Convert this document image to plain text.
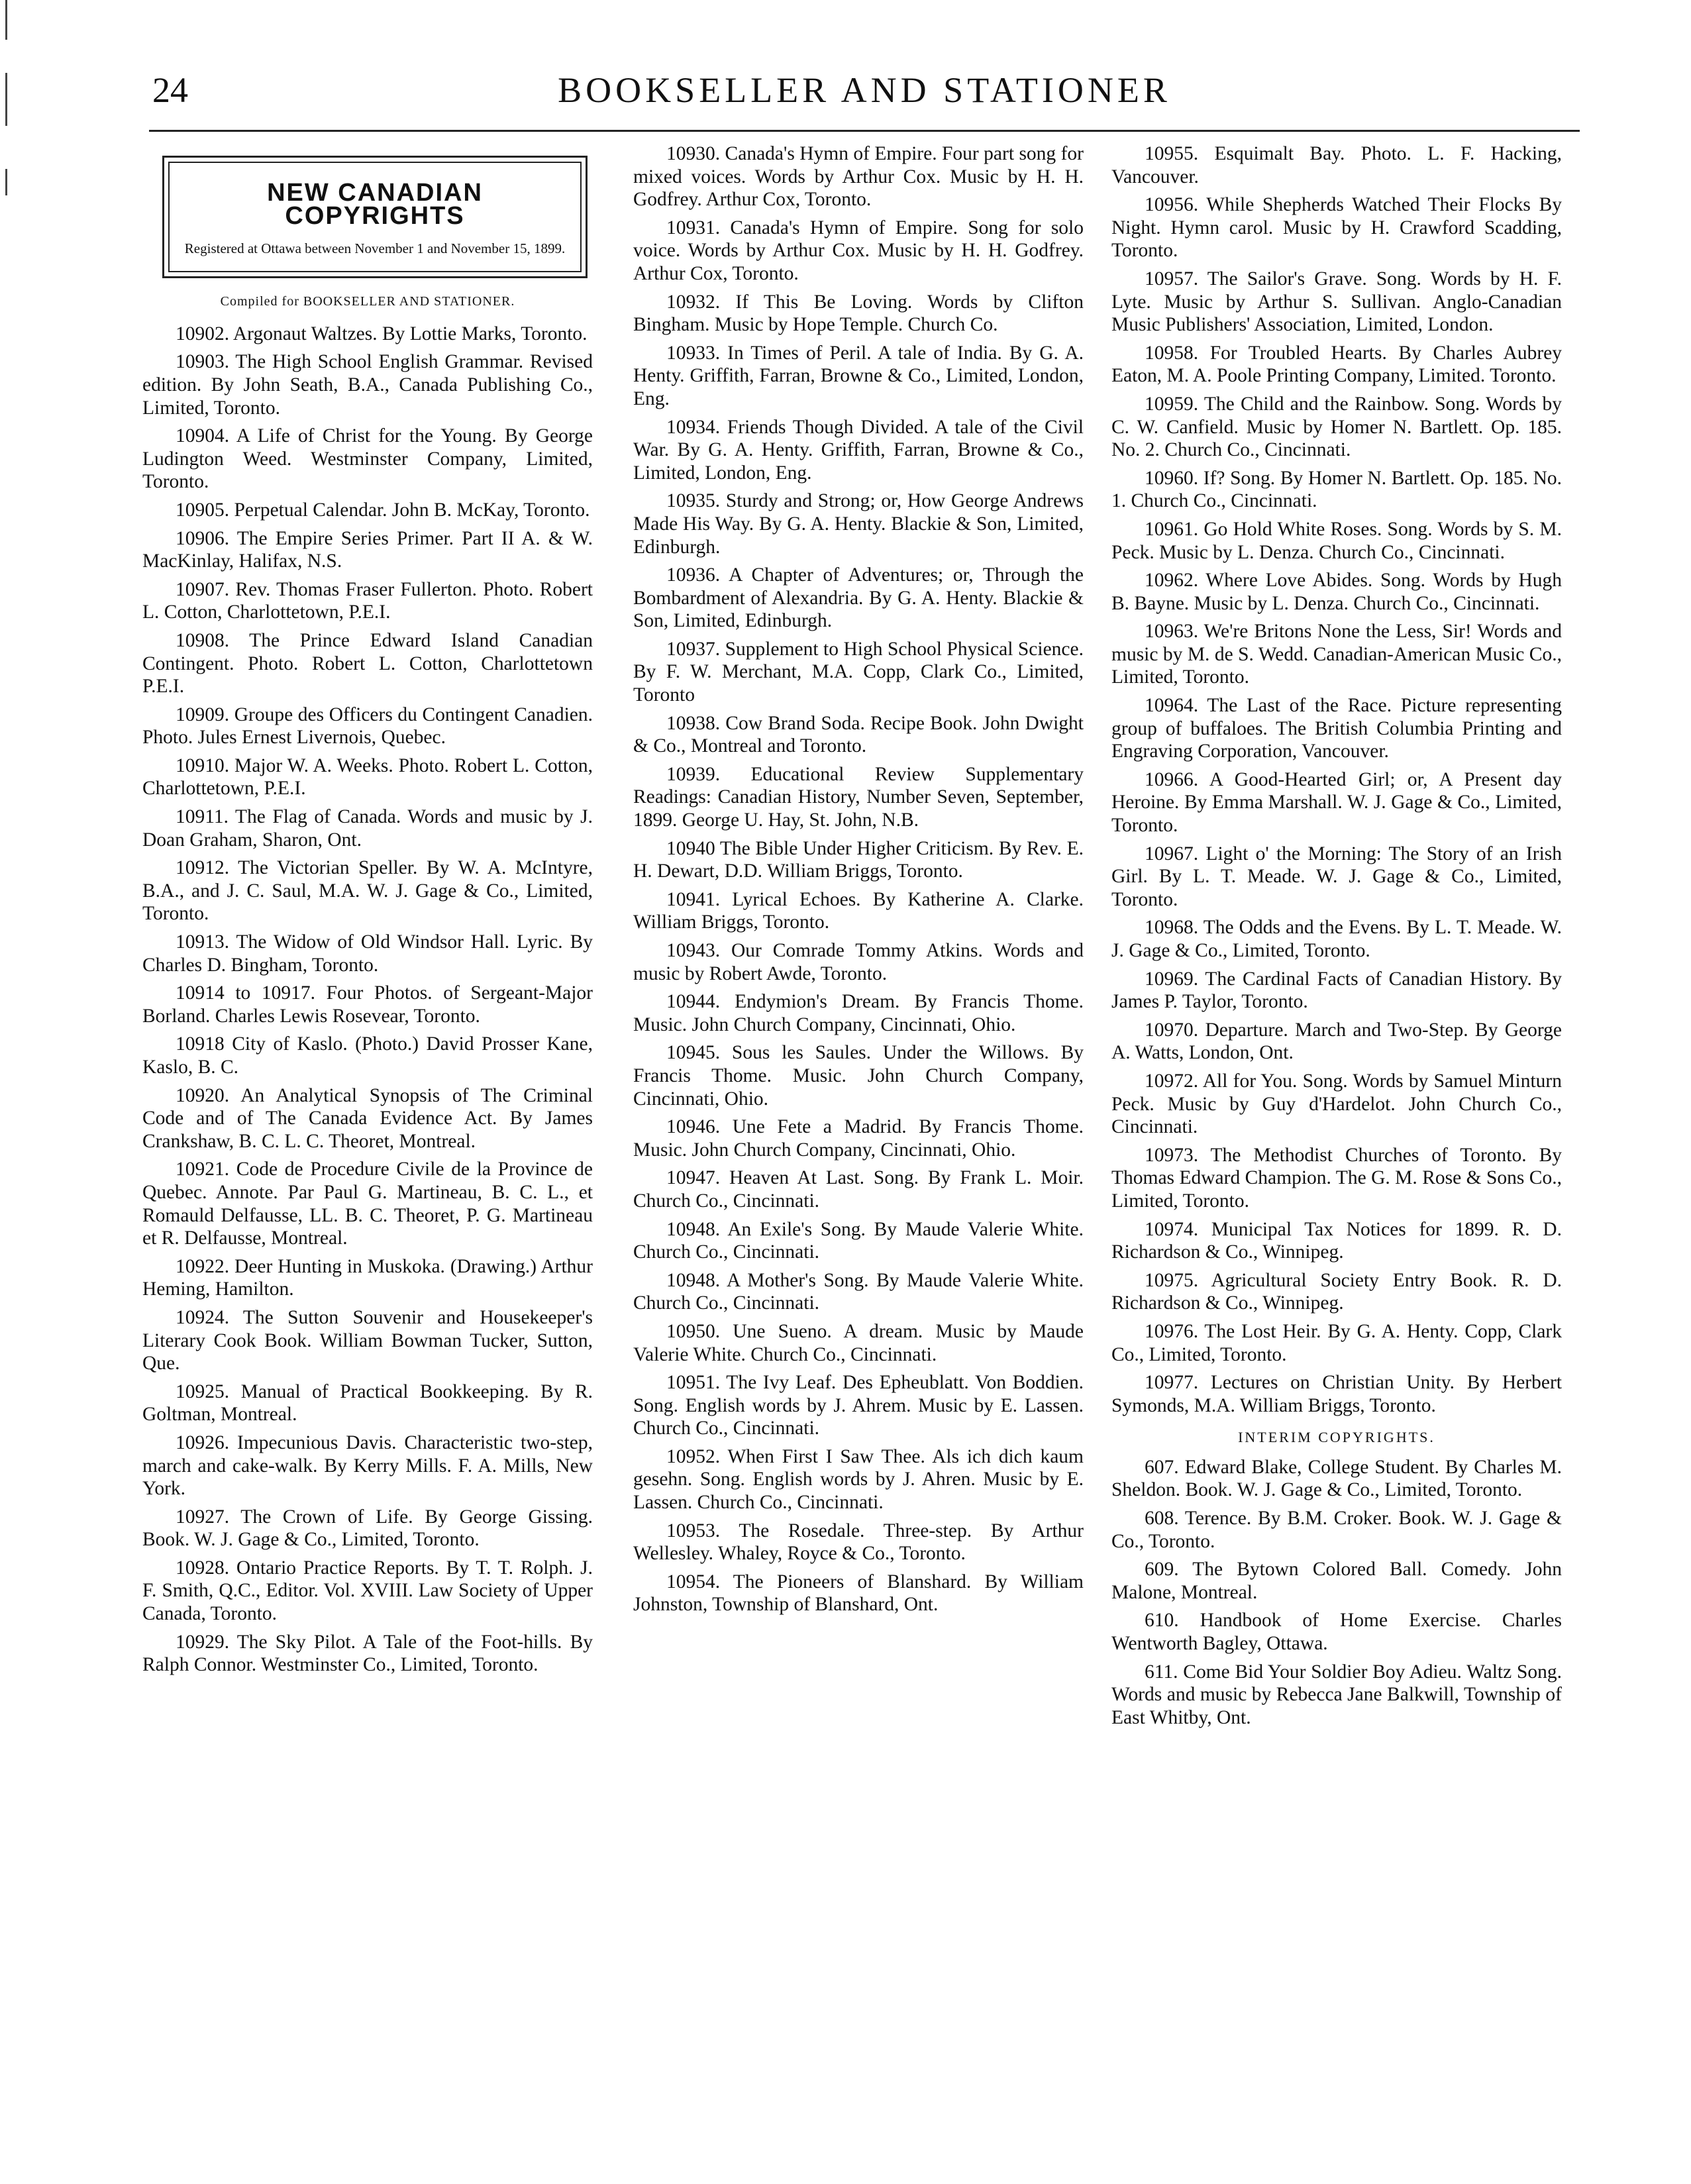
24	BOOKSELLER AND STATIONER
NEW CANADIAN COPYRIGHTS
Registered at Ottawa between November 1 and November 15, 1899.
Compiled for BOOKSELLER AND STATIONER.

10902. Argonaut Waltzes. By Lottie Marks, Toronto.

10903. The High School English Grammar. Revised edition. By John Seath, B.A., Canada Publishing Co., Limited, Toronto.

10904. A Life of Christ for the Young. By George Ludington Weed. Westminster Company, Limited, Toronto.

10905. Perpetual Calendar. John B. McKay, Toronto.

10906. The Empire Series Primer. Part II A. & W. MacKinlay, Halifax, N.S.

10907. Rev. Thomas Fraser Fullerton. Photo. Robert L. Cotton, Charlottetown, P.E.I.

10908. The Prince Edward Island Canadian Contingent. Photo. Robert L. Cotton, Charlottetown P.E.I.

10909. Groupe des Officers du Contingent Canadien. Photo. Jules Ernest Livernois, Quebec.

10910. Major W. A. Weeks. Photo. Robert L. Cotton, Charlottetown, P.E.I.

10911. The Flag of Canada. Words and music by J. Doan Graham, Sharon, Ont.

10912. The Victorian Speller. By W. A. McIntyre, B.A., and J. C. Saul, M.A. W. J. Gage & Co., Limited, Toronto.

10913. The Widow of Old Windsor Hall. Lyric. By Charles D. Bingham, Toronto.

10914 to 10917. Four Photos. of Sergeant-Major Borland. Charles Lewis Rosevear, Toronto.

10918 City of Kaslo. (Photo.) David Prosser Kane, Kaslo, B. C.

10920. An Analytical Synopsis of The Criminal Code and of The Canada Evidence Act. By James Crankshaw, B. C. L. C. Theoret, Montreal.

10921. Code de Procedure Civile de la Province de Quebec. Annote. Par Paul G. Martineau, B. C. L., et Romauld Delfausse, LL. B. C. Theoret, P. G. Martineau et R. Delfausse, Montreal.

10922. Deer Hunting in Muskoka. (Drawing.) Arthur Heming, Hamilton.

10924. The Sutton Souvenir and Housekeeper's Literary Cook Book. William Bowman Tucker, Sutton, Que.

10925. Manual of Practical Bookkeeping. By R. Goltman, Montreal.

10926. Impecunious Davis. Characteristic two-step, march and cake-walk. By Kerry Mills. F. A. Mills, New York.

10927. The Crown of Life. By George Gissing. Book. W. J. Gage & Co., Limited, Toronto.

10928. Ontario Practice Reports. By T. T. Rolph. J. F. Smith, Q.C., Editor. Vol. XVIII. Law Society of Upper Canada, Toronto.

10929. The Sky Pilot. A Tale of the Foot-hills. By Ralph Connor. Westminster Co., Limited, Toronto.

10930. Canada's Hymn of Empire. Four part song for mixed voices. Words by Arthur Cox. Music by H. H. Godfrey. Arthur Cox, Toronto.

10931. Canada's Hymn of Empire. Song for solo voice. Words by Arthur Cox. Music by H. H. Godfrey. Arthur Cox, Toronto.

10932. If This Be Loving. Words by Clifton Bingham. Music by Hope Temple. Church Co.

10933. In Times of Peril. A tale of India. By G. A. Henty. Griffith, Farran, Browne & Co., Limited, London, Eng.

10934. Friends Though Divided. A tale of the Civil War. By G. A. Henty. Griffith, Farran, Browne & Co., Limited, London, Eng.

10935. Sturdy and Strong; or, How George Andrews Made His Way. By G. A. Henty. Blackie & Son, Limited, Edinburgh.

10936. A Chapter of Adventures; or, Through the Bombardment of Alexandria. By G. A. Henty. Blackie & Son, Limited, Edinburgh.

10937. Supplement to High School Physical Science. By F. W. Merchant, M.A. Copp, Clark Co., Limited, Toronto

10938. Cow Brand Soda. Recipe Book. John Dwight & Co., Montreal and Toronto.

10939. Educational Review Supplementary Readings: Canadian History, Number Seven, September, 1899. George U. Hay, St. John, N.B.

10940 The Bible Under Higher Criticism. By Rev. E. H. Dewart, D.D. William Briggs, Toronto.

10941. Lyrical Echoes. By Katherine A. Clarke. William Briggs, Toronto.

10943. Our Comrade Tommy Atkins. Words and music by Robert Awde, Toronto.

10944. Endymion's Dream. By Francis Thome. Music. John Church Company, Cincinnati, Ohio.

10945. Sous les Saules. Under the Willows. By Francis Thome. Music. John Church Company, Cincinnati, Ohio.

10946. Une Fete a Madrid. By Francis Thome. Music. John Church Company, Cincinnati, Ohio.

10947. Heaven At Last. Song. By Frank L. Moir. Church Co., Cincinnati.

10948. An Exile's Song. By Maude Valerie White. Church Co., Cincinnati.

10948. A Mother's Song. By Maude Valerie White. Church Co., Cincinnati.

10950. Une Sueno. A dream. Music by Maude Valerie White. Church Co., Cincinnati.

10951. The Ivy Leaf. Des Epheublatt. Von Boddien. Song. English words by J. Ahrem. Music by E. Lassen. Church Co., Cincinnati.

10952. When First I Saw Thee. Als ich dich kaum gesehn. Song. English words by J. Ahren. Music by E. Lassen. Church Co., Cincinnati.

10953. The Rosedale. Three-step. By Arthur Wellesley. Whaley, Royce & Co., Toronto.

10954. The Pioneers of Blanshard. By William Johnston, Township of Blanshard, Ont.

10955. Esquimalt Bay. Photo. L. F. Hacking, Vancouver.

10956. While Shepherds Watched Their Flocks By Night. Hymn carol. Music by H. Crawford Scadding, Toronto.

10957. The Sailor's Grave. Song. Words by H. F. Lyte. Music by Arthur S. Sullivan. Anglo-Canadian Music Publishers' Association, Limited, London.

10958. For Troubled Hearts. By Charles Aubrey Eaton, M. A. Poole Printing Company, Limited. Toronto.

10959. The Child and the Rainbow. Song. Words by C. W. Canfield. Music by Homer N. Bartlett. Op. 185. No. 2. Church Co., Cincinnati.

10960. If? Song. By Homer N. Bartlett. Op. 185. No. 1. Church Co., Cincinnati.

10961. Go Hold White Roses. Song. Words by S. M. Peck. Music by L. Denza. Church Co., Cincinnati.

10962. Where Love Abides. Song. Words by Hugh B. Bayne. Music by L. Denza. Church Co., Cincinnati.

10963. We're Britons None the Less, Sir! Words and music by M. de S. Wedd. Canadian-American Music Co., Limited, Toronto.

10964. The Last of the Race. Picture representing group of buffaloes. The British Columbia Printing and Engraving Corporation, Vancouver.

10966. A Good-Hearted Girl; or, A Present day Heroine. By Emma Marshall. W. J. Gage & Co., Limited, Toronto.

10967. Light o' the Morning: The Story of an Irish Girl. By L. T. Meade. W. J. Gage & Co., Limited, Toronto.

10968. The Odds and the Evens. By L. T. Meade. W. J. Gage & Co., Limited, Toronto.

10969. The Cardinal Facts of Canadian History. By James P. Taylor, Toronto.

10970. Departure. March and Two-Step. By George A. Watts, London, Ont.

10972. All for You. Song. Words by Samuel Minturn Peck. Music by Guy d'Hardelot. John Church Co., Cincinnati.

10973. The Methodist Churches of Toronto. By Thomas Edward Champion. The G. M. Rose & Sons Co., Limited, Toronto.

10974. Municipal Tax Notices for 1899. R. D. Richardson & Co., Winnipeg.

10975. Agricultural Society Entry Book. R. D. Richardson & Co., Winnipeg.

10976. The Lost Heir. By G. A. Henty. Copp, Clark Co., Limited, Toronto.

10977. Lectures on Christian Unity. By Herbert Symonds, M.A. William Briggs, Toronto.

INTERIM COPYRIGHTS.

607. Edward Blake, College Student. By Charles M. Sheldon. Book. W. J. Gage & Co., Limited, Toronto.

608. Terence. By B.M. Croker. Book. W. J. Gage & Co., Toronto.

609. The Bytown Colored Ball. Comedy. John Malone, Montreal.

610. Handbook of Home Exercise. Charles Wentworth Bagley, Ottawa.

611. Come Bid Your Soldier Boy Adieu. Waltz Song. Words and music by Rebecca Jane Balkwill, Township of East Whitby, Ont.
